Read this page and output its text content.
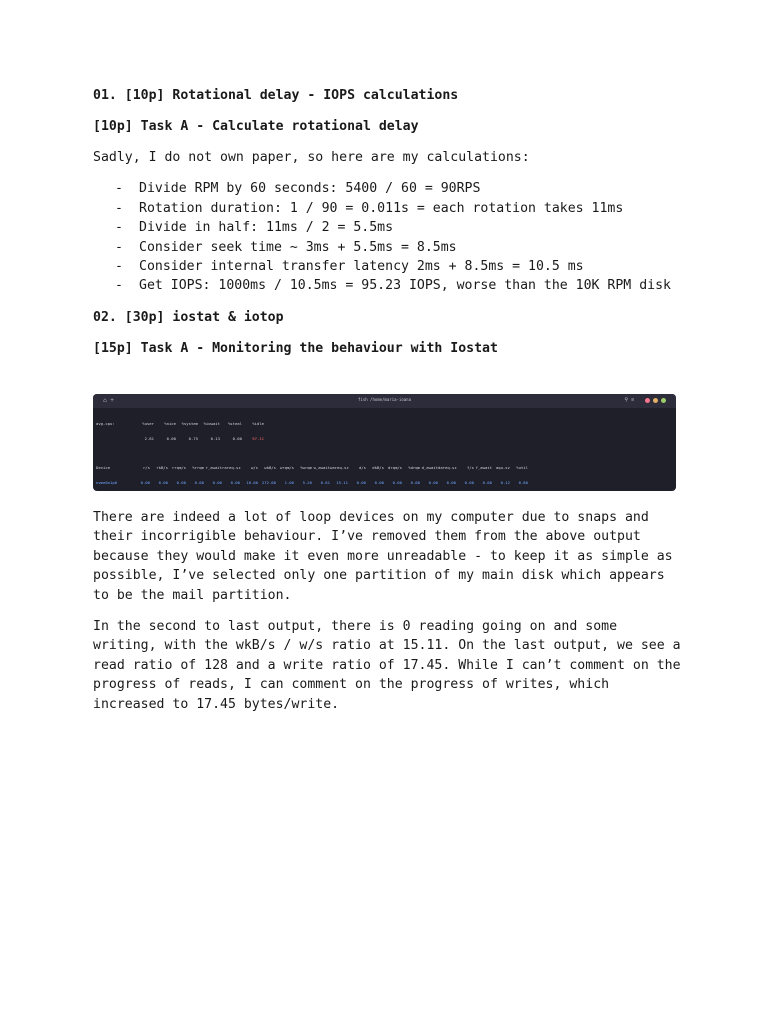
01. [10p] Rotational delay - IOPS calculations

[10p] Task A - Calculate rotational delay

Sadly, I do not own paper, so here are my calculations:

- Divide RPM by 60 seconds: 5400 / 60 = 90RPS
- Rotation duration: 1 / 90 = 0.011s = each rotation takes 11ms
- Divide in half: 11ms / 2 = 5.5ms
- Consider seek time ~ 3ms + 5.5ms = 8.5ms
- Consider internal transfer latency 2ms + 8.5ms = 10.5 ms
- Get IOPS: 1000ms / 10.5ms = 95.23 IOPS, worse than the 10K RPM disk

02. [30p] iostat & iotop

[15p] Task A - Monitoring the behaviour with Iostat

⌂ +	fish /home/maria-ioana	⚲ ≡

avg-cpu:	%user	%nice	%system	%iowait	%steal	%idle

2.81	0.00	0.75	0.13	0.00	97.11

Device	r/s	rkB/s	rrqm/s	%rrqm r_await rareq-sz	w/s	wkB/s	wrqm/s	%wrqm w_await wareq-sz	d/s	dkB/s	drqm/s	%drqm d_await dareq-sz	f/s f_await	aqu-sz	%util

nvme0n1p6	0.00	0.00	0.00	0.00	0.00	0.00	18.00	272.00	1.00	5.26	0.61	15.11	0.00	0.00	0.00	0.00	0.00	0.00	0.00	0.00	0.12	0.80

There are indeed a lot of loop devices on my computer due to snaps and their incorrigible behaviour. I’ve removed them from the above output because they would make it even more unreadable - to keep it as simple as possible, I’ve selected only one partition of my main disk which appears to be the mail partition.

In the second to last output, there is 0 reading going on and some writing, with the wkB/s / w/s ratio at 15.11. On the last output, we see a read ratio of 128 and a write ratio of 17.45. While I can’t comment on the progress of reads, I can comment on the progress of writes, which increased to 17.45 bytes/write.
